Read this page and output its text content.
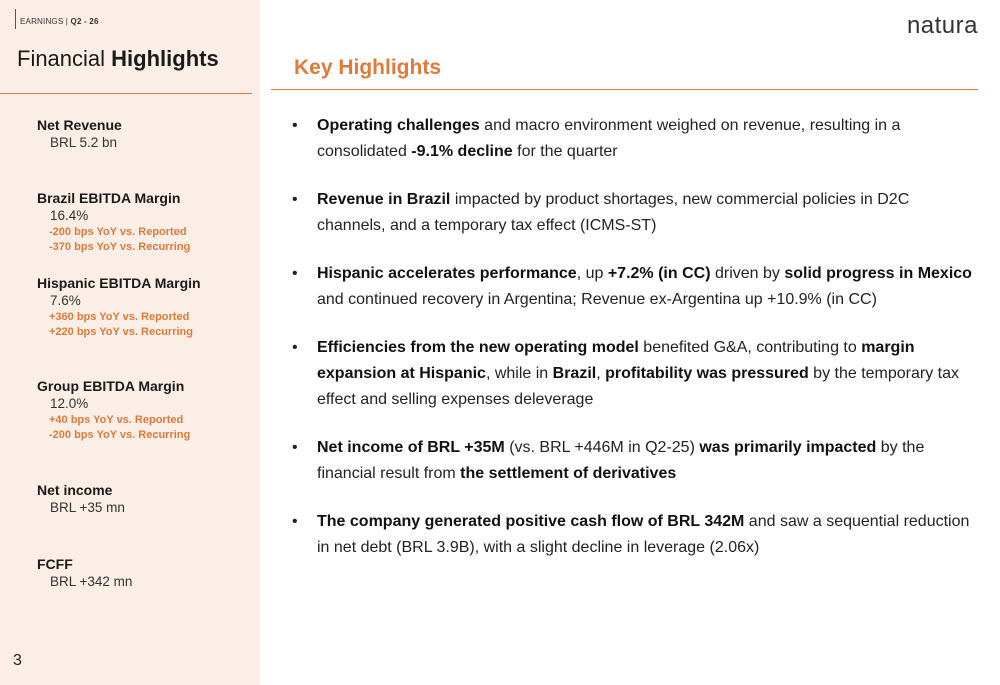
EARNINGS | Q2 - 26
Financial Highlights
Net Revenue
BRL 5.2 bn
Brazil EBITDA Margin
16.4%
-200 bps YoY vs. Reported
-370 bps YoY vs. Recurring
Hispanic EBITDA Margin
7.6%
+360 bps YoY vs. Reported
+220 bps YoY vs. Recurring
Group EBITDA Margin
12.0%
+40 bps YoY vs. Reported
-200 bps YoY vs. Recurring
Net income
BRL +35 mn
FCFF
BRL +342 mn
3
natura
Key Highlights
• Operating challenges and macro environment weighed on revenue, resulting in a consolidated -9.1% decline for the quarter
• Revenue in Brazil impacted by product shortages, new commercial policies in D2C channels, and a temporary tax effect (ICMS-ST)
• Hispanic accelerates performance, up +7.2% (in CC) driven by solid progress in Mexico and continued recovery in Argentina; Revenue ex-Argentina up +10.9% (in CC)
• Efficiencies from the new operating model benefited G&A, contributing to margin expansion at Hispanic, while in Brazil, profitability was pressured by the temporary tax effect and selling expenses deleverage
• Net income of BRL +35M (vs. BRL +446M in Q2-25) was primarily impacted by the financial result from the settlement of derivatives
• The company generated positive cash flow of BRL 342M and saw a sequential reduction in net debt (BRL 3.9B), with a slight decline in leverage (2.06x)
